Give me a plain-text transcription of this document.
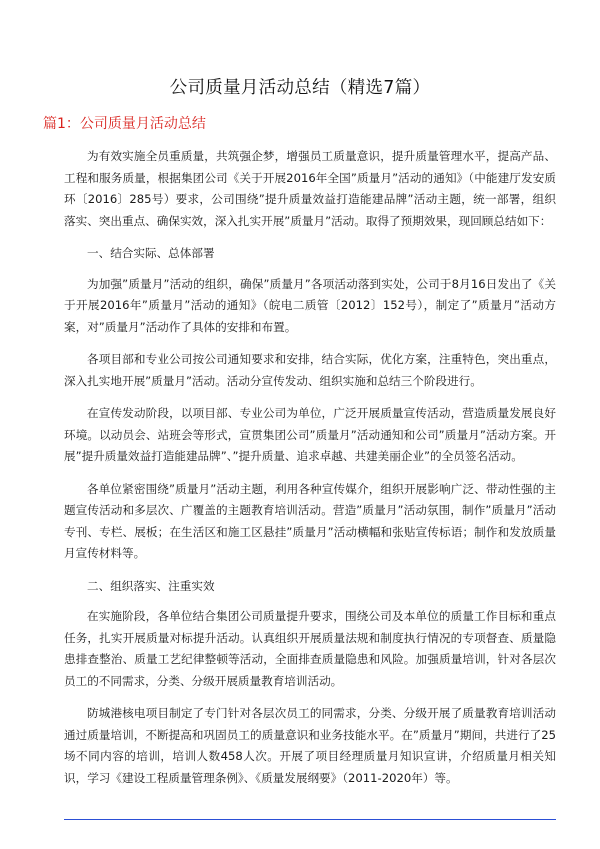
公司质量月活动总结（精选7篇）
篇1：公司质量月活动总结

为有效实施全员重质量，共筑强企梦，增强员工质量意识，提升质量管理水平，提高产品、工程和服务质量，根据集团公司《关于开展2016年全国”质量月”活动的通知》（中能建厅发安质环〔2016〕285号）要求，公司围绕”提升质量效益打造能建品牌”活动主题，统一部署，组织落实、突出重点、确保实效，深入扎实开展”质量月”活动。取得了预期效果，现回顾总结如下：

一、结合实际、总体部署

为加强”质量月”活动的组织，确保”质量月”各项活动落到实处，公司于8月16日发出了《关于开展2016年”质量月”活动的通知》（皖电二质管〔2012〕152号），制定了”质量月”活动方案，对”质量月”活动作了具体的安排和布置。

各项目部和专业公司按公司通知要求和安排，结合实际，优化方案，注重特色，突出重点，深入扎实地开展”质量月”活动。活动分宣传发动、组织实施和总结三个阶段进行。

在宣传发动阶段，以项目部、专业公司为单位，广泛开展质量宣传活动，营造质量发展良好环境。以动员会、站班会等形式，宣贯集团公司”质量月”活动通知和公司”质量月”活动方案。开展”提升质量效益打造能建品牌”、”提升质量、追求卓越、共建美丽企业”的全员签名活动。

各单位紧密围绕”质量月”活动主题，利用各种宣传媒介，组织开展影响广泛、带动性强的主题宣传活动和多层次、广覆盖的主题教育培训活动。营造”质量月”活动氛围，制作”质量月”活动专刊、专栏、展板；在生活区和施工区悬挂”质量月”活动横幅和张贴宣传标语；制作和发放质量月宣传材料等。

二、组织落实、注重实效

在实施阶段，各单位结合集团公司质量提升要求，围绕公司及本单位的质量工作目标和重点任务，扎实开展质量对标提升活动。认真组织开展质量法规和制度执行情况的专项督查、质量隐患排查整治、质量工艺纪律整顿等活动，全面排查质量隐患和风险。加强质量培训，针对各层次员工的不同需求，分类、分级开展质量教育培训活动。

防城港核电项目制定了专门针对各层次员工的同需求，分类、分级开展了质量教育培训活动通过质量培训，不断提高和巩固员工的质量意识和业务技能水平。在”质量月”期间，共进行了25场不同内容的培训，培训人数458人次。开展了项目经理质量月知识宣讲，介绍质量月相关知识，学习《建设工程质量管理条例》、《质量发展纲要》（2011-2020年）等。
